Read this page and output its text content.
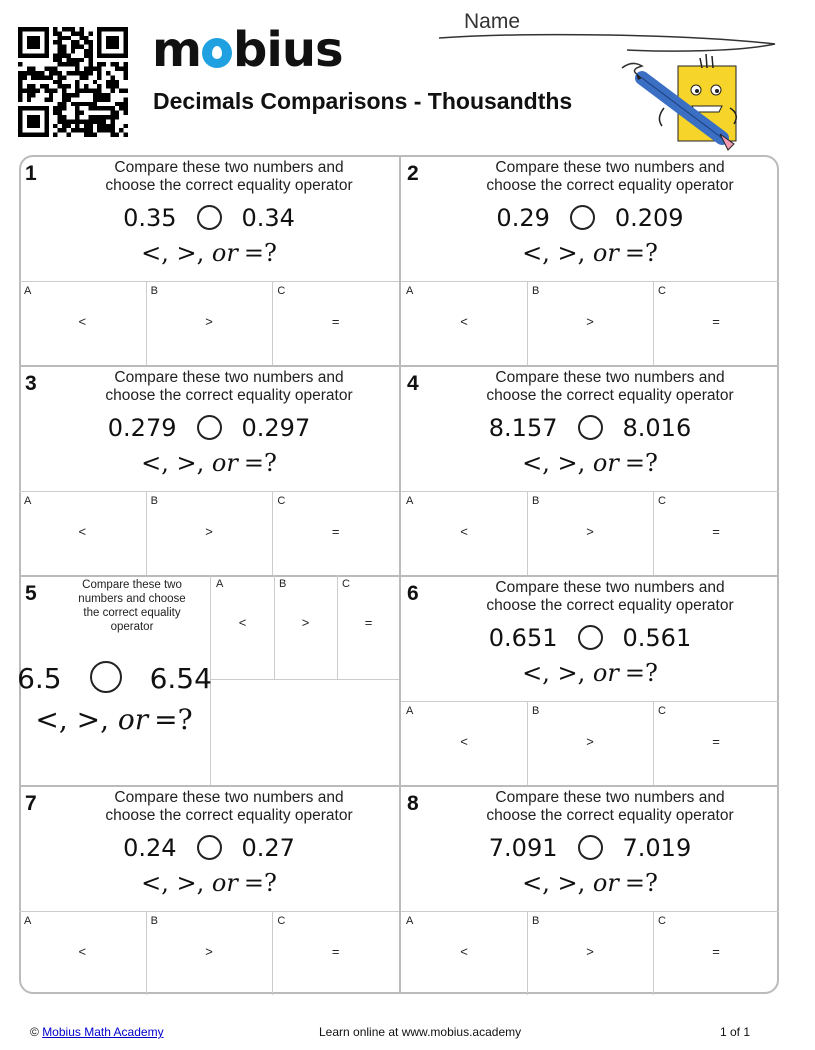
m bius
Decimals Comparisons - Thousandths
Name
1	Compare these two numbers and choose the correct equality operator
0.35	0.34
<, >, or =?
A
<
B
>
C
=
2	Compare these two numbers and choose the correct equality operator
0.29	0.209
<, >, or =?
A
<
B
>
C
=
3	Compare these two numbers and choose the correct equality operator
0.279	0.297
<, >, or =?
A
<
B
>
C
=
4	Compare these two numbers and choose the correct equality operator
8.157	8.016
<, >, or =?
A
<
B
>
C
=
5	Compare these two
numbers and choose
the correct equality
operator
6.5	6.54
<, >, or =?
A
<
B
>
C
=
6	Compare these two numbers and choose the correct equality operator
0.651	0.561
<, >, or =?
A
<
B
>
C
=
7	Compare these two numbers and choose the correct equality operator
0.24	0.27
<, >, or =?
A
<
B
>
C
=
8	Compare these two numbers and choose the correct equality operator
7.091	7.019
<, >, or =?
A
<
B
>
C
=
© Mobius Math Academy	Learn online at www.mobius.academy	1 of 1
